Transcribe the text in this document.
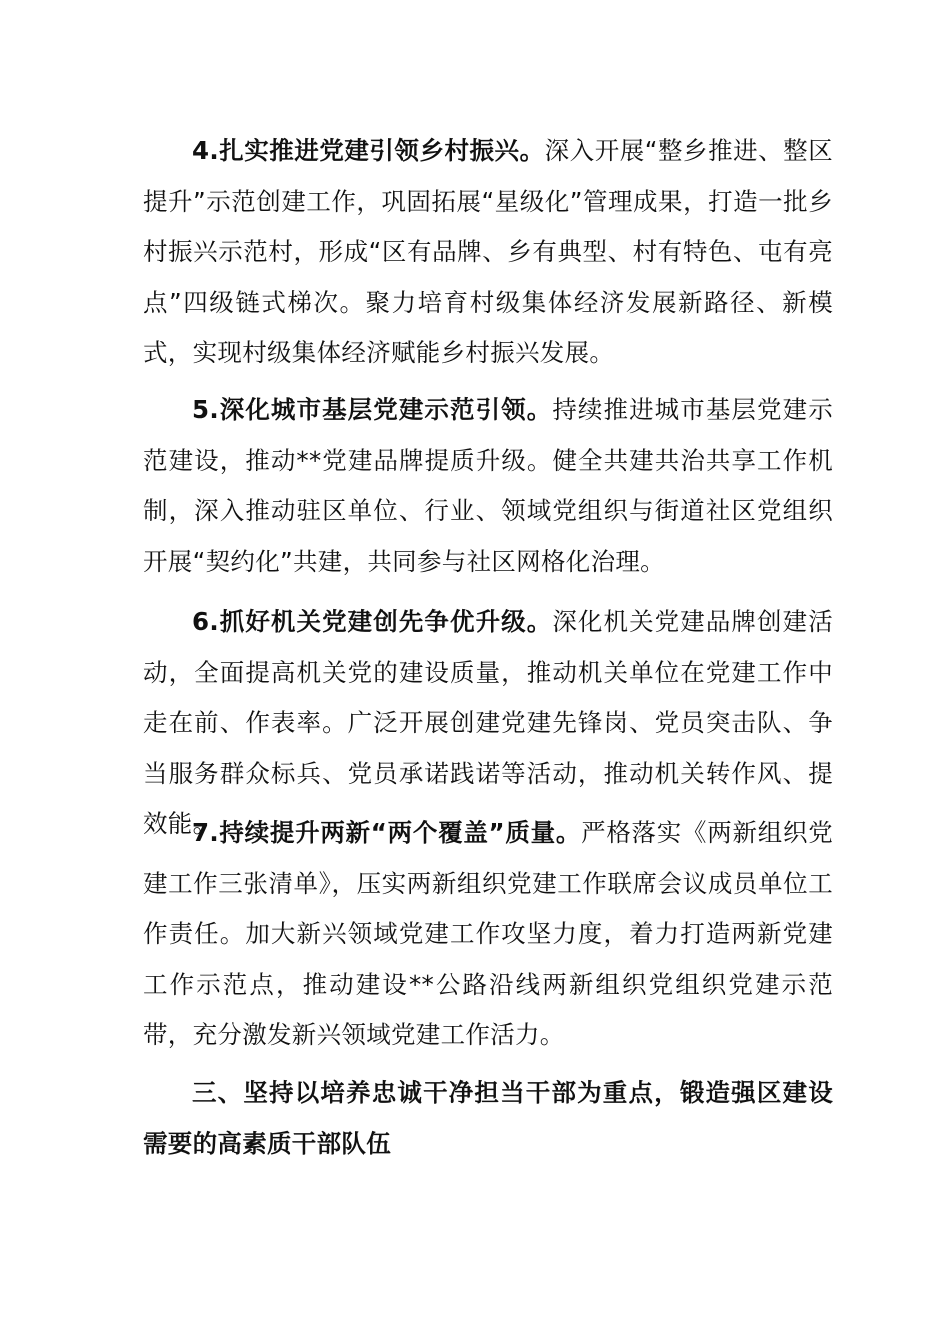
4.扎实推进党建引领乡村振兴。深入开展“整乡推进、整区提升”示范创建工作，巩固拓展“星级化”管理成果，打造一批乡村振兴示范村，形成“区有品牌、乡有典型、村有特色、屯有亮点”四级链式梯次。聚力培育村级集体经济发展新路径、新模式，实现村级集体经济赋能乡村振兴发展。

5.深化城市基层党建示范引领。持续推进城市基层党建示范建设，推动**党建品牌提质升级。健全共建共治共享工作机制，深入推动驻区单位、行业、领域党组织与街道社区党组织开展“契约化”共建，共同参与社区网格化治理。

6.抓好机关党建创先争优升级。深化机关党建品牌创建活动，全面提高机关党的建设质量，推动机关单位在党建工作中走在前、作表率。广泛开展创建党建先锋岗、党员突击队、争当服务群众标兵、党员承诺践诺等活动，推动机关转作风、提效能。

7.持续提升两新“两个覆盖”质量。严格落实《两新组织党建工作三张清单》，压实两新组织党建工作联席会议成员单位工作责任。加大新兴领域党建工作攻坚力度，着力打造两新党建工作示范点，推动建设**公路沿线两新组织党组织党建示范带，充分激发新兴领域党建工作活力。

三、坚持以培养忠诚干净担当干部为重点，锻造强区建设需要的高素质干部队伍
